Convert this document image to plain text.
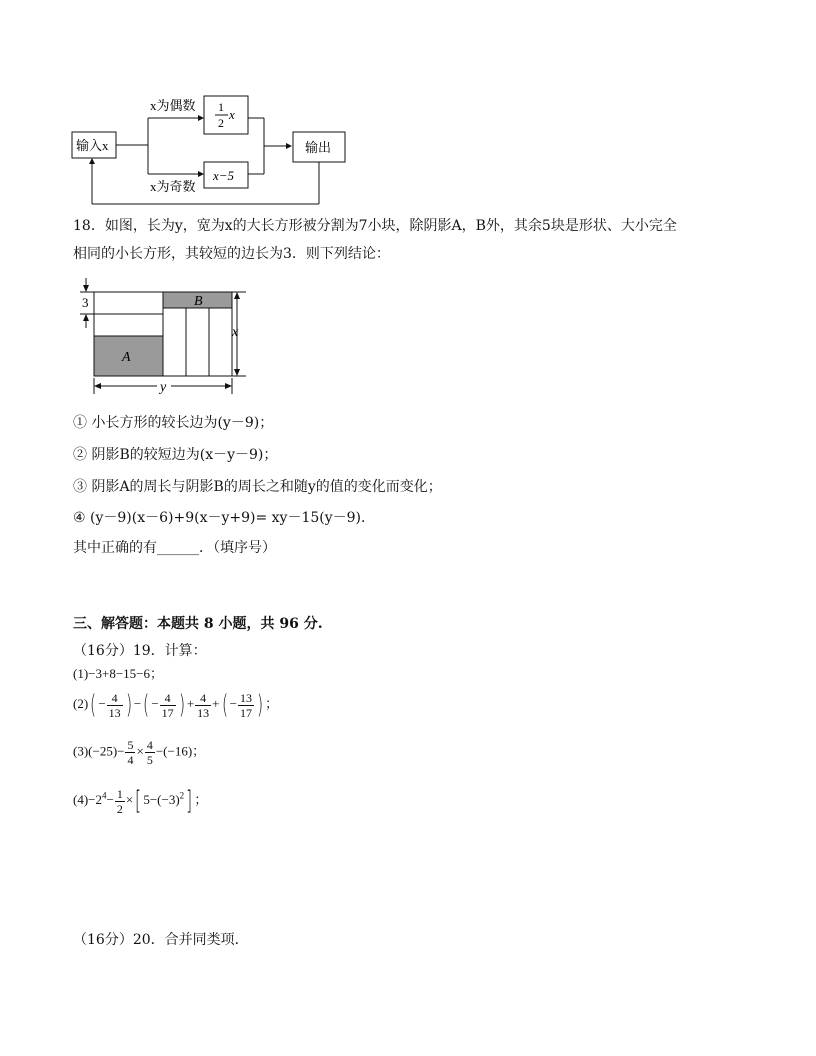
输入x
x为偶数 1
2
x
x为奇数
x−5
输出
18．如图，长为y，宽为x的大长方形被分割为7小块，除阴影A，B外，其余5块是形状、大小完全
相同的小长方形，其较短的边长为3．则下列结论：
3
A
B
x
y
① 小长方形的较长边为(y－9)；
② 阴影B的较短边为(x－y－9)；
③ 阴影A的周长与阴影B的周长之和随y的值的变化而变化；
④ (y－9)(x－6)+9(x－y+9)= xy－15(y－9)．
其中正确的有______．（填序号）
三、解答题：本题共 8 小题，共 96 分.
（16分）19．计算：
(1)−3+8−15−6；
$(2)( - \frac{4}{13}$ ) −( − $\frac{4}{17}$ ) + $\frac{4}{13}$ +( − $\frac{13}{17}$ ) ；
$(3)(-25)- \frac{5}{4} \times \frac{4}{5} -(-16)$；
$(4)-2^4- \frac{1}{2}$ ×[ $5-(-3)^2$] ；
（16分）20．合并同类项．
